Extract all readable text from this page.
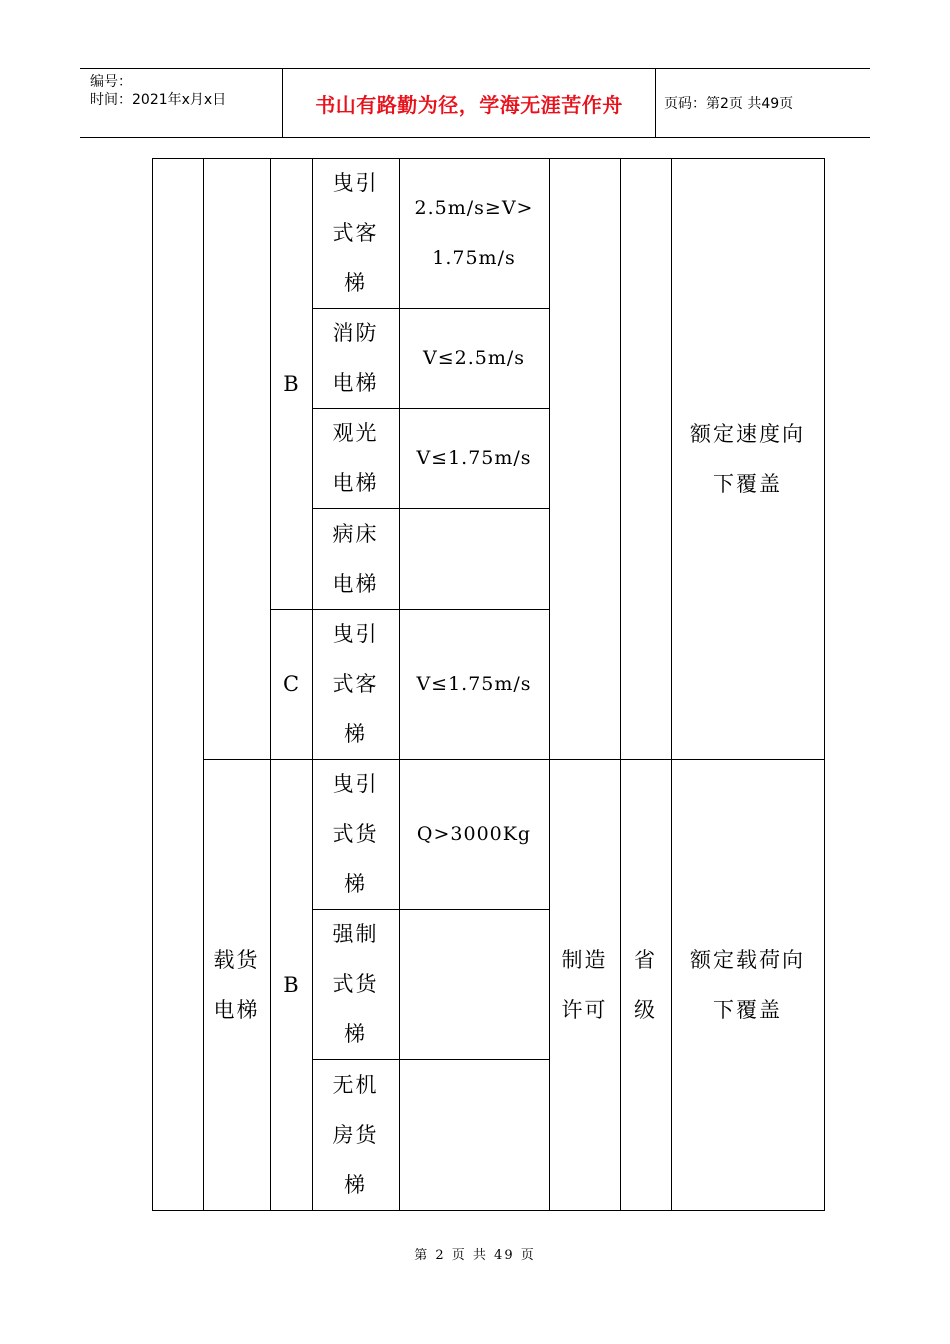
编号：
时间：2021年x月x日	书山有路勤为径，学海无涯苦作舟	页码：第2页 共49页
B
曳引
式客
梯
2.5m/s≥V>
1.75m/s
消防
电梯
V≤2.5m/s
观光
电梯
V≤1.75m/s
病床
电梯
C
曳引
式客
梯
V≤1.75m/s
额定速度向
下覆盖
载货
电梯
B
曳引
式货
梯
Q>3000Kg
强制
式货
梯
无机
房货
梯
制造
许可
省
级
额定载荷向
下覆盖
第 2 页 共 49 页
